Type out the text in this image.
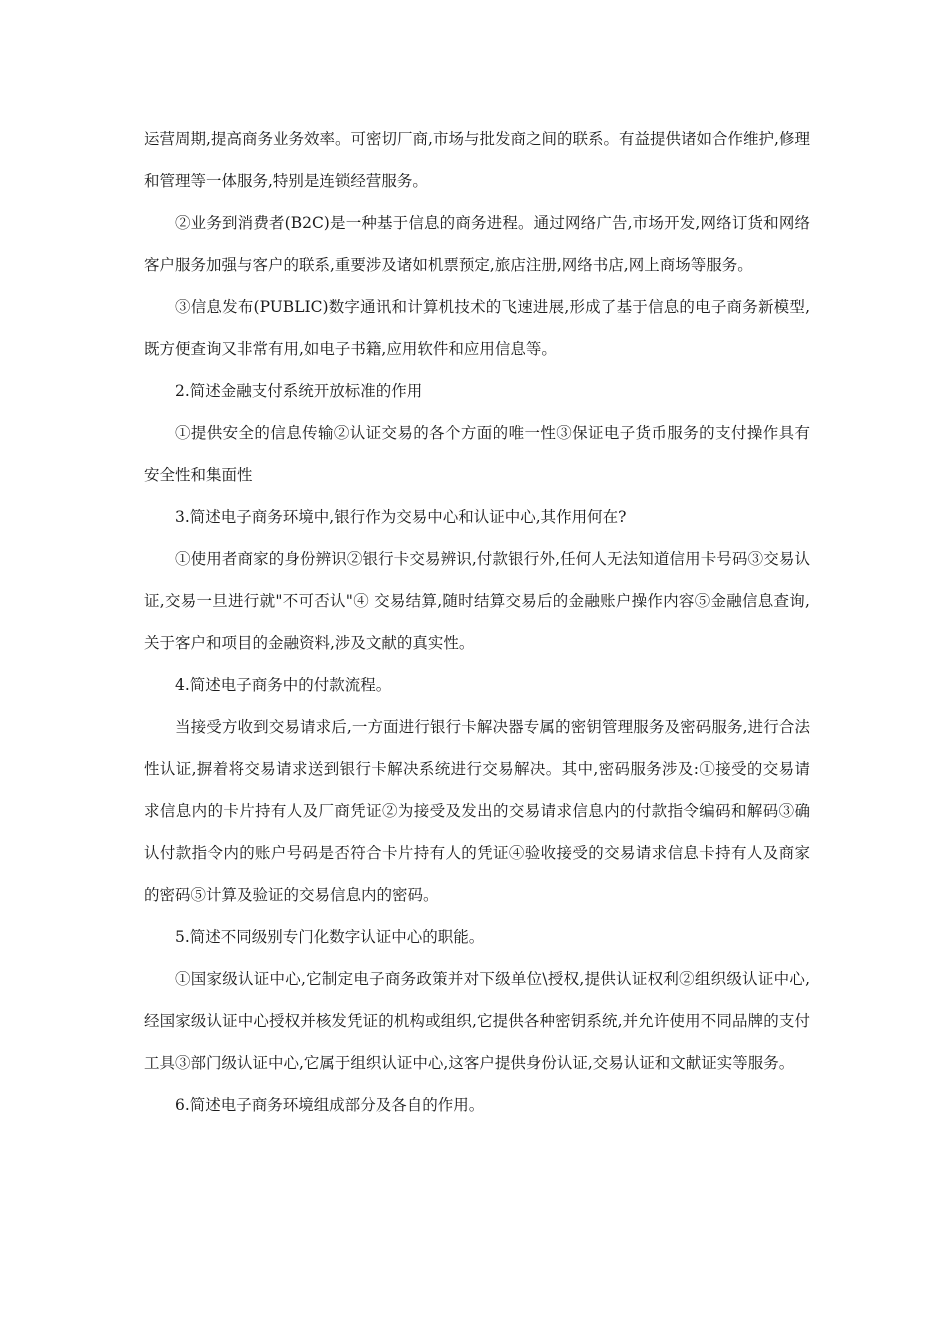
运营周期,提高商务业务效率。可密切厂商,市场与批发商之间的联系。有益提供诸如合作维护,修理和管理等一体服务,特别是连锁经营服务。

②业务到消费者(B2C)是一种基于信息的商务进程。通过网络广告,市场开发,网络订货和网络客户服务加强与客户的联系,重要涉及诸如机票预定,旅店注册,网络书店,网上商场等服务。

③信息发布(PUBLIC)数字通讯和计算机技术的飞速进展,形成了基于信息的电子商务新模型,既方便查询又非常有用,如电子书籍,应用软件和应用信息等。

2.简述金融支付系统开放标准的作用

①提供安全的信息传输②认证交易的各个方面的唯一性③保证电子货币服务的支付操作具有安全性和集面性

3.简述电子商务环境中,银行作为交易中心和认证中心,其作用何在?

①使用者商家的身份辨识②银行卡交易辨识,付款银行外,任何人无法知道信用卡号码③交易认证,交易一旦进行就"不可否认"④ 交易结算,随时结算交易后的金融账户操作内容⑤金融信息查询,关于客户和项目的金融资料,涉及文献的真实性。

4.简述电子商务中的付款流程。

当接受方收到交易请求后,一方面进行银行卡解决器专属的密钥管理服务及密码服务,进行合法性认证,摒着将交易请求送到银行卡解决系统进行交易解决。其中,密码服务涉及:①接受的交易请求信息内的卡片持有人及厂商凭证②为接受及发出的交易请求信息内的付款指令编码和解码③确认付款指令内的账户号码是否符合卡片持有人的凭证④验收接受的交易请求信息卡持有人及商家的密码⑤计算及验证的交易信息内的密码。

5.简述不同级别专门化数字认证中心的职能。

①国家级认证中心,它制定电子商务政策并对下级单位\授权,提供认证权利②组织级认证中心,经国家级认证中心授权并核发凭证的机构或组织,它提供各种密钥系统,并允许使用不同品牌的支付工具③部门级认证中心,它属于组织认证中心,这客户提供身份认证,交易认证和文献证实等服务。

6.简述电子商务环境组成部分及各自的作用。
